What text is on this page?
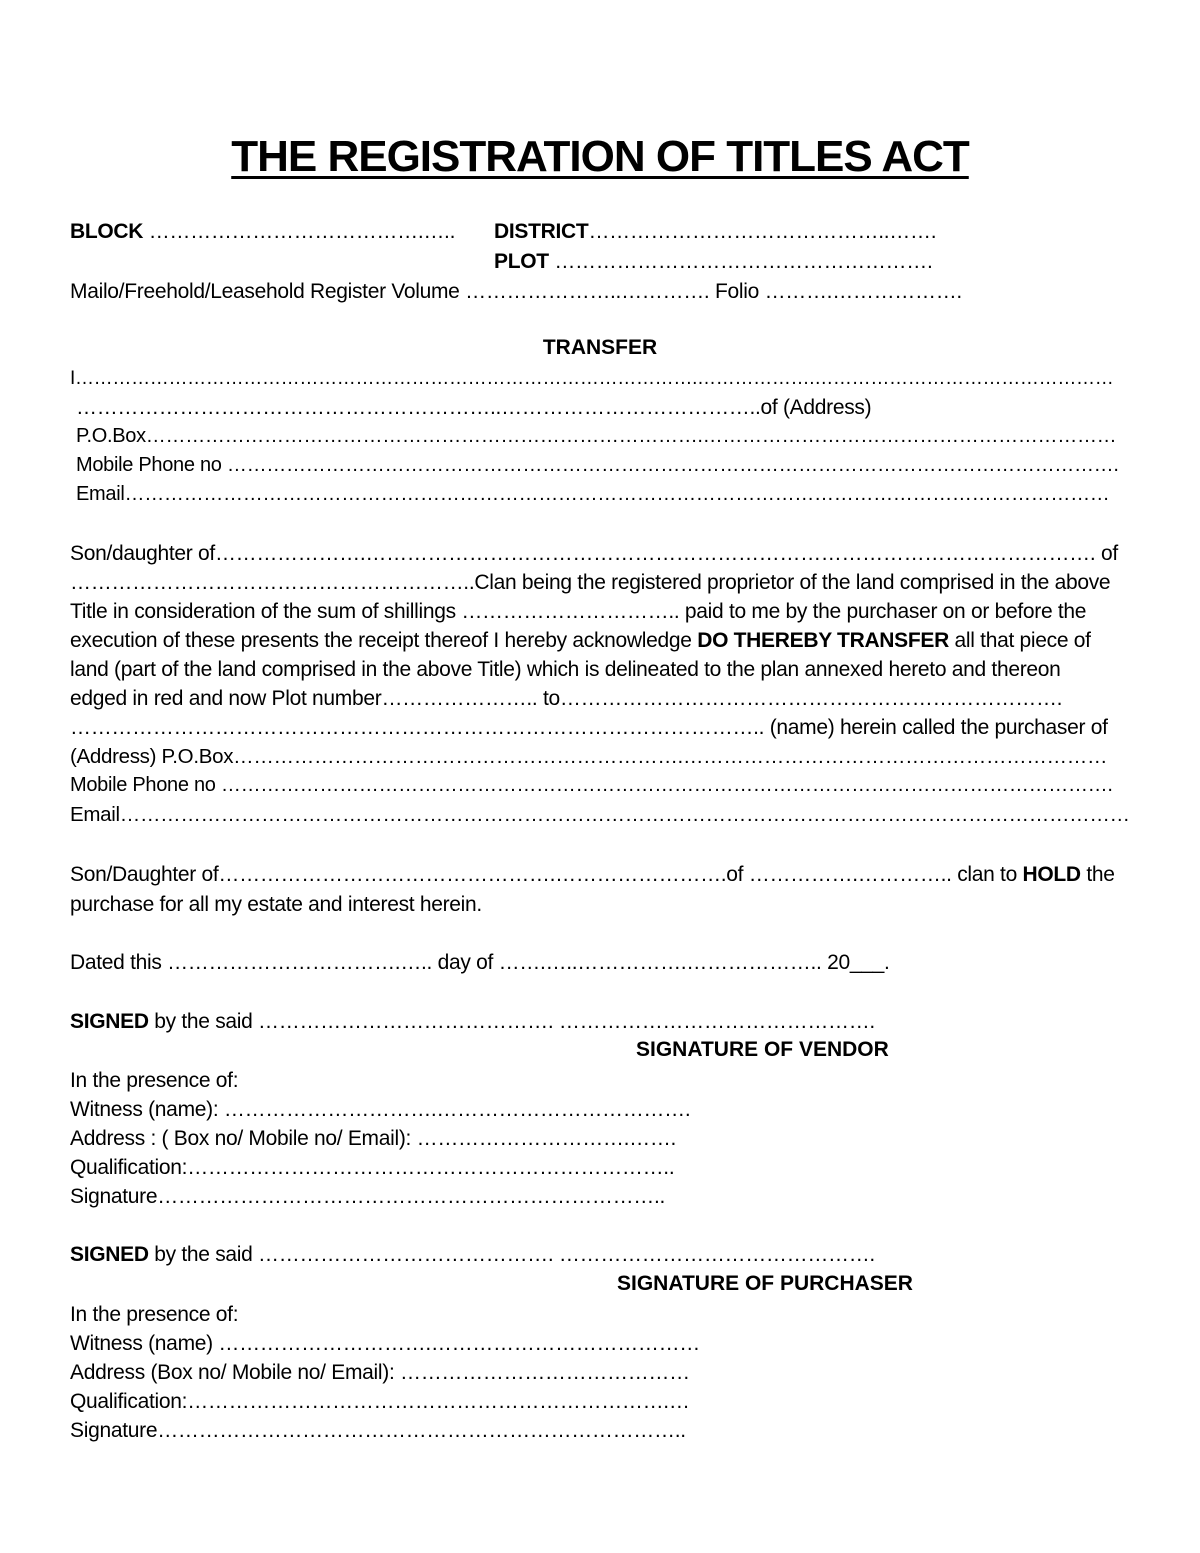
THE REGISTRATION OF TITLES ACT
BLOCK ………………………………….….. DISTRICT……………………………………..…….
PLOT ……………………………………………….
Mailo/Freehold/Leasehold Register Volume …………………..…………. Folio ……….……………….
TRANSFER
I……………………………………………………………………………………….……………….…………………………………………
……………………………………………………..………………………………..of (Address)
P.O.Box………………………………………………………………………….………………………………………………………
Mobile Phone no ……………………………………………………………………………………………………………………….
Email……………………………………………………………………………………………………………………………………
Son/daughter of………………….……………………………………………………………………………………………. of
…………………………………………………..Clan being the registered proprietor of the land comprised in the above
Title in consideration of the sum of shillings ………………………….. paid to me by the purchaser on or before the
execution of these presents the receipt thereof I hereby acknowledge DO THEREBY TRANSFER all that piece of
land (part of the land comprised in the above Title) which is delineated to the plan annexed hereto and thereon
edged in red and now Plot number………………….. to……………………………………………………………….
……………………………………………………………………………………….. (name) herein called the purchaser of
(Address) P.O.Box………………………………………………………….………………………………………………………
Mobile Phone no ……………………………………………………………………………………………………………………….
Email……………………………………………………………………………………………………………………………………
Son/Daughter of………………………………………….…………………….of …………….………….. clan to HOLD the
purchase for all my estate and interest herein.
Dated this …………………………….….. day of …….…..…………….……………….. 20___.
SIGNED by the said ……………………………………. ……………………………………….
SIGNATURE OF VENDOR
In the presence of:
Witness (name): ………………………….……………………………….
Address : ( Box no/ Mobile no/ Email): ………………………….…….
Qualification:……………………………………………………………..
Signature………………………………………………………………..
SIGNED by the said ……………………………………. ……………………………………….
SIGNATURE OF PURCHASER
In the presence of:
Witness (name) ………………………….…………………………………
Address (Box no/ Mobile no/ Email): ……………………………………
Qualification:…………………………………………………………….…
Signature…………………………………………………………………..
